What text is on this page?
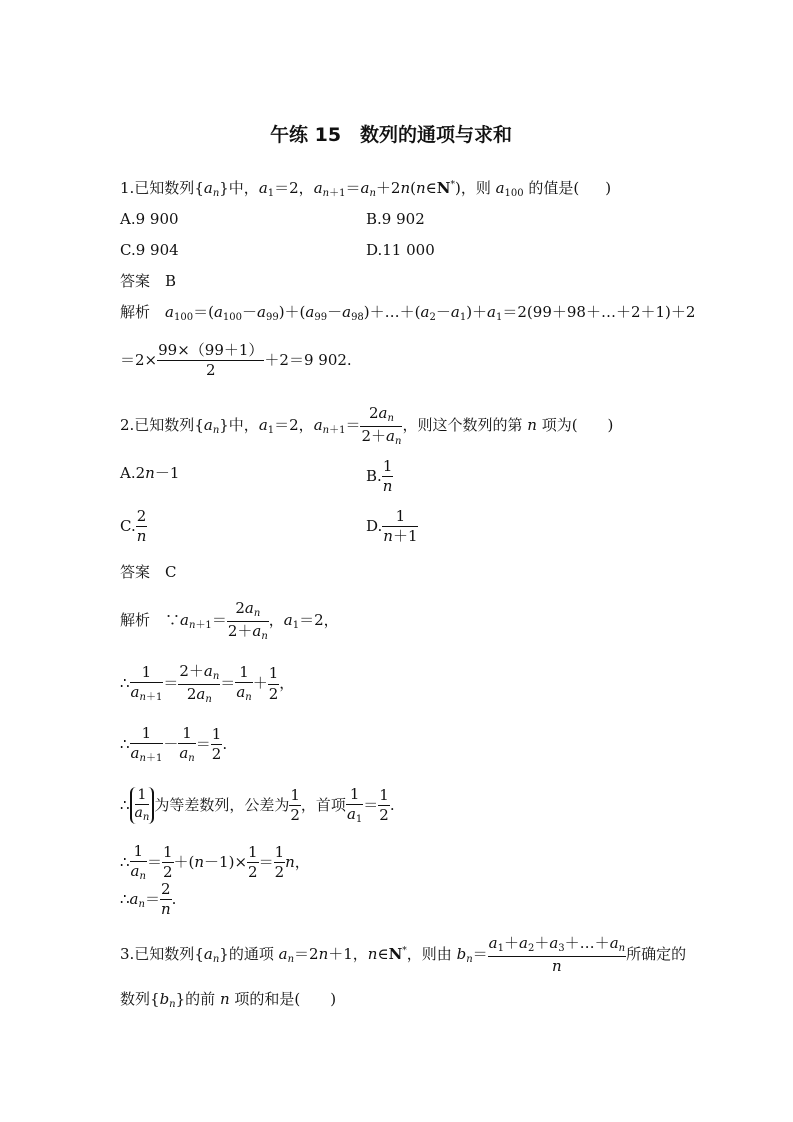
午练 15　数列的通项与求和
1.已知数列$\{a_n\}$中，$a_1=2$，$a_{n+1}=a_n+2n(n\in N^*)$，则 $a_{100}$ 的值是( )
A.9 900	B.9 902
C.9 904	D.11 000
答案　 B
解析　 $a_{100}=(a_{100}-a_{99})+(a_{99}-a_{98})+\dots+(a_2-a_1)+a_1=2(99+98+\dots+2+1)+2$
$=2\times \frac{99\times(99+1)}{2} +2=9$ 902.
2.已知数列$\{a_n\}$中，$a_1=2$，$a_{n+1}= \frac{2a_n}{2+a_n}$ ，则这个数列的第 n 项为(　　)
A.2n－1	B. $\frac{1}{n}$
C. $\frac{2}{n}$	D. $\frac{1}{n+1}$
答案　 C
解析　$\because a_{n+1}= \frac{2a_n}{2+a_n}$ ，$a_1=2$，
∴ $\frac{1}{a_{n+1}} = \frac{2+a_n}{2a_n} = \frac{1}{a_n} + \frac{1}{2}$ ，
∴ $\frac{1}{a_{n+1}} - \frac{1}{a_n} = \frac{1}{2}$ .
∴ $\frac{1}{a_n}$为等差数列，公差为 $\frac{1}{2}$ ，首项 $\frac{1}{a_1} = \frac{1}{2}$ .
∴ $\frac{1}{a_n} = \frac{1}{2} +(n-1)\times \frac{1}{2} = \frac{1}{2}$ n，
$\therefore a_n= \frac{2}{n}$ .
3.已知数列$\{a_n\}$的通项 $a_n=2n+1$，n∈N*，则由 $b_n= \frac{a_1+a_2+a_3+\dots+a_n}{n}$ 所确定的
数列$\{b_n\}$的前 n 项的和是(　　)
